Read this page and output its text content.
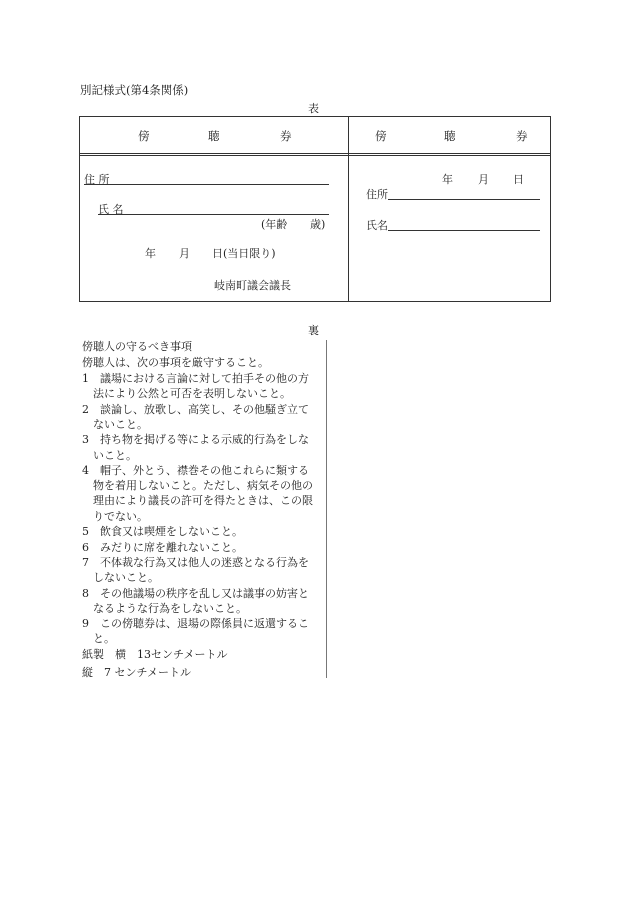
別記様式(第4条関係)
表
傍	聴	券	傍	聴	券
住 所
氏 名
(年齢 歳)
年 月 日(当日限り)
岐南町議会議長
年 月 日
住所
氏名
裏
傍聴人の守るべき事項
傍聴人は、次の事項を厳守すること。
1　議場における言論に対して拍手その他の方
　法により公然と可否を表明しないこと。
2　談論し、放歌し、高笑し、その他騒ぎ立て
　ないこと。
3　持ち物を掲げる等による示威的行為をしな
　いこと。
4　帽子、外とう、襟巻その他これらに類する
　物を着用しないこと。ただし、病気その他の
　理由により議長の許可を得たときは、この限
　りでない。
5　飲食又は喫煙をしないこと。
6　みだりに席を離れないこと。
7　不体裁な行為又は他人の迷惑となる行為を
　しないこと。
8　その他議場の秩序を乱し又は議事の妨害と
　なるような行為をしないこと。
9　この傍聴券は、退場の際係員に返還するこ
　と。
紙製　横　13センチメートル
縦　7 センチメートル
